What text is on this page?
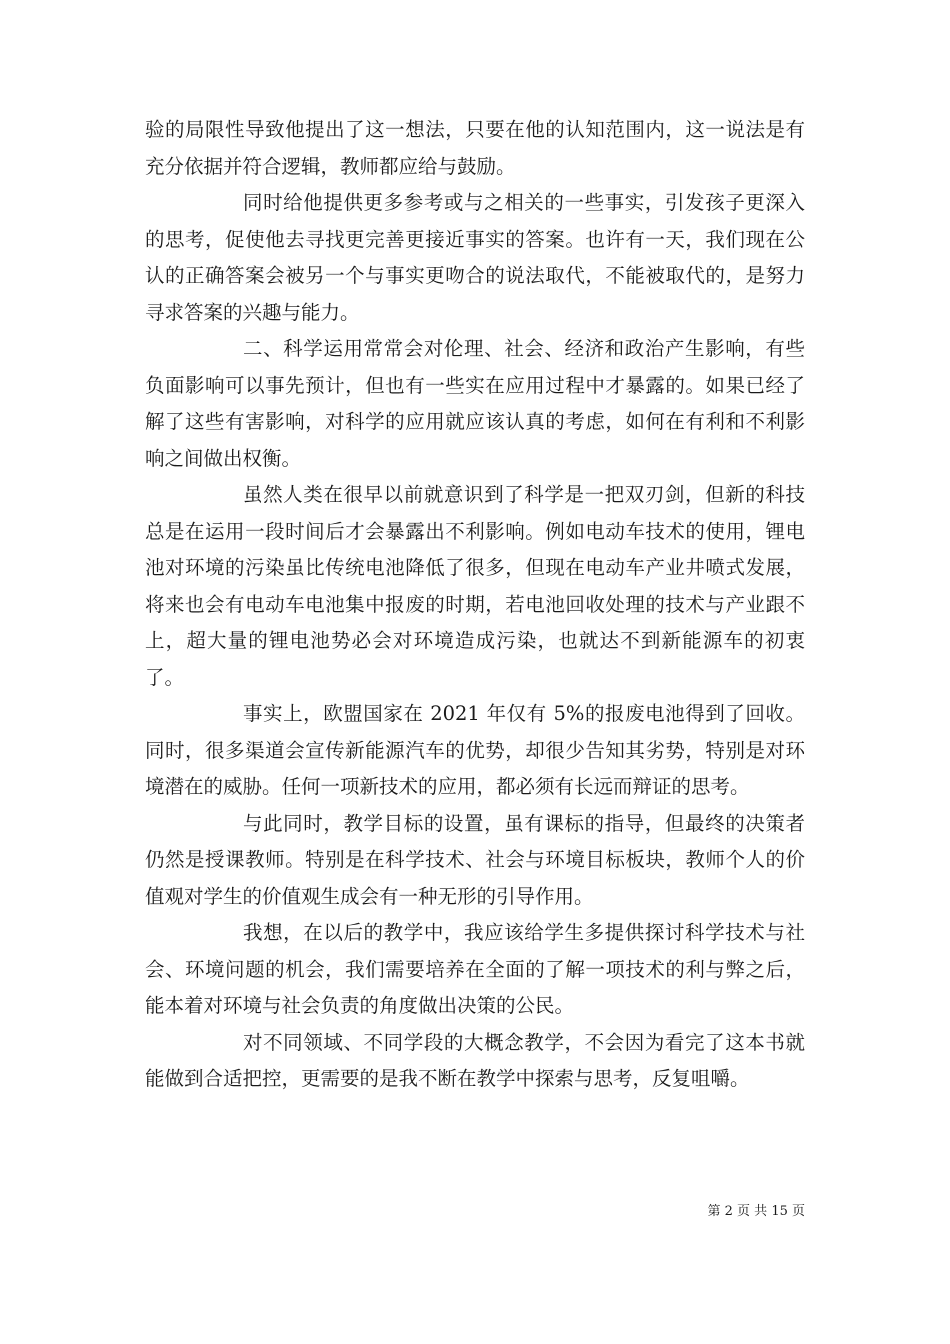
验的局限性导致他提出了这一想法，只要在他的认知范围内，这一说法是有充分依据并符合逻辑，教师都应给与鼓励。

同时给他提供更多参考或与之相关的一些事实，引发孩子更深入的思考，促使他去寻找更完善更接近事实的答案。也许有一天，我们现在公认的正确答案会被另一个与事实更吻合的说法取代，不能被取代的，是努力寻求答案的兴趣与能力。

二、科学运用常常会对伦理、社会、经济和政治产生影响，有些负面影响可以事先预计，但也有一些实在应用过程中才暴露的。如果已经了解了这些有害影响，对科学的应用就应该认真的考虑，如何在有利和不利影响之间做出权衡。

虽然人类在很早以前就意识到了科学是一把双刃剑，但新的科技总是在运用一段时间后才会暴露出不利影响。例如电动车技术的使用，锂电池对环境的污染虽比传统电池降低了很多，但现在电动车产业井喷式发展，将来也会有电动车电池集中报废的时期，若电池回收处理的技术与产业跟不上，超大量的锂电池势必会对环境造成污染，也就达不到新能源车的初衷了。

事实上，欧盟国家在 2021 年仅有 5%的报废电池得到了回收。同时，很多渠道会宣传新能源汽车的优势，却很少告知其劣势，特别是对环境潜在的威胁。任何一项新技术的应用，都必须有长远而辩证的思考。

与此同时，教学目标的设置，虽有课标的指导，但最终的决策者仍然是授课教师。特别是在科学技术、社会与环境目标板块，教师个人的价值观对学生的价值观生成会有一种无形的引导作用。

我想，在以后的教学中，我应该给学生多提供探讨科学技术与社会、环境问题的机会，我们需要培养在全面的了解一项技术的利与弊之后，能本着对环境与社会负责的角度做出决策的公民。

对不同领域、不同学段的大概念教学，不会因为看完了这本书就能做到合适把控，更需要的是我不断在教学中探索与思考，反复咀嚼。

第 2 页 共 15 页
